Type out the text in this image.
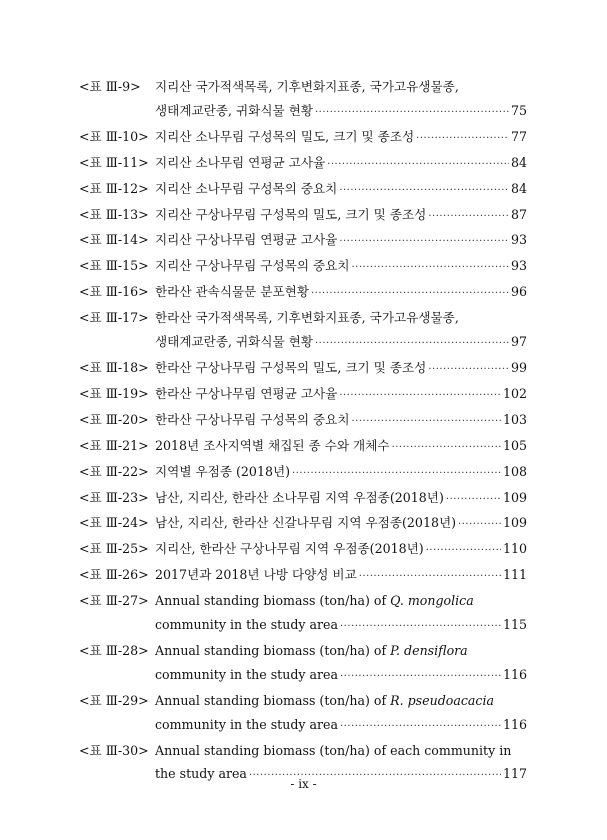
<표 Ⅲ-9>	지리산 국가적색목록, 기후변화지표종, 국가고유생물종,
생태계교란종, 귀화식물 현황 ·····	75
<표 Ⅲ-10> 지리산 소나무림 구성목의 밀도, 크기 및 종조성 ·····	77
<표 Ⅲ-11> 지리산 소나무림 연평균 고사율 ·····	84
<표 Ⅲ-12> 지리산 소나무림 구성목의 중요치 ·····	84
<표 Ⅲ-13> 지리산 구상나무림 구성목의 밀도, 크기 및 종조성 ·····	87
<표 Ⅲ-14> 지리산 구상나무림 연평균 고사율 ·····	93
<표 Ⅲ-15> 지리산 구상나무림 구성목의 중요치 ·····	93
<표 Ⅲ-16> 한라산 관속식물문 분포현황 ·····	96
<표 Ⅲ-17> 한라산 국가적색목록, 기후변화지표종, 국가고유생물종,
생태계교란종, 귀화식물 현황 ·····	97
<표 Ⅲ-18> 한라산 구상나무림 구성목의 밀도, 크기 및 종조성 ·····	99
<표 Ⅲ-19> 한라산 구상나무림 연평균 고사율 ·····	102
<표 Ⅲ-20> 한라산 구상나무림 구성목의 중요치 ·····	103
<표 Ⅲ-21> 2018년 조사지역별 채집된 종 수와 개체수 ·····	105
<표 Ⅲ-22> 지역별 우점종 (2018년) ·····	108
<표 Ⅲ-23> 남산, 지리산, 한라산 소나무림 지역 우점종(2018년) ·····	109
<표 Ⅲ-24> 남산, 지리산, 한라산 신갈나무림 지역 우점종(2018년) ·····	109
<표 Ⅲ-25> 지리산, 한라산 구상나무림 지역 우점종(2018년) ·····	110
<표 Ⅲ-26> 2017년과 2018년 나방 다양성 비교 ·····	111
<표 Ⅲ-27> Annual standing biomass (ton/ha) of Q. mongolica
community in the study area ·····	115
<표 Ⅲ-28> Annual standing biomass (ton/ha) of P. densiflora
community in the study area ·····	116
<표 Ⅲ-29> Annual standing biomass (ton/ha) of R. pseudoacacia
community in the study area ·····	116
<표 Ⅲ-30> Annual standing biomass (ton/ha) of each community in
the study area ·····	117
- ix -
